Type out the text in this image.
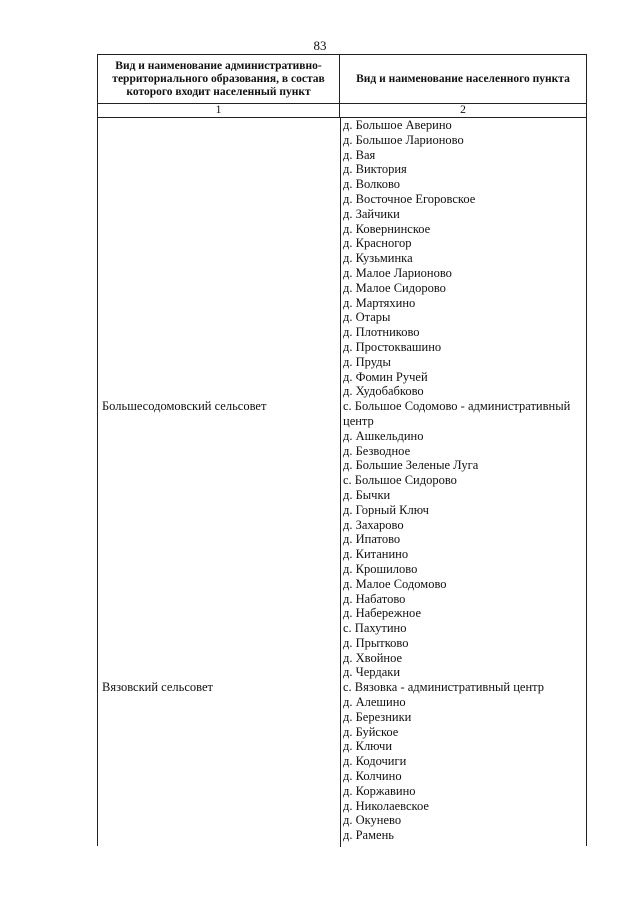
83
Вид и наименование административно-территориального образования, в состав которого входит населенный пункт
Вид и наименование населенного пункта
1	2
Большесодомовский сельсовет
Вязовский сельсовет
д. Большое Аверино
д. Большое Ларионово
д. Вая
д. Виктория
д. Волково
д. Восточное Егоровское
д. Зайчики
д. Ковернинское
д. Красногор
д. Кузьминка
д. Малое Ларионово
д. Малое Сидорово
д. Мартяхино
д. Отары
д. Плотниково
д. Простоквашино
д. Пруды
д. Фомин Ручей
д. Худобабково
с. Большое Содомово - административный центр
д. Ашкельдино
д. Безводное
д. Большие Зеленые Луга
с. Большое Сидорово
д. Бычки
д. Горный Ключ
д. Захарово
д. Ипатово
д. Китанино
д. Крошилово
д. Малое Содомово
д. Набатово
д. Набережное
с. Пахутино
д. Прытково
д. Хвойное
д. Чердаки
с. Вязовка - административный центр
д. Алешино
д. Березники
д. Буйское
д. Ключи
д. Кодочиги
д. Колчино
д. Коржавино
д. Николаевское
д. Окунево
д. Рамень
